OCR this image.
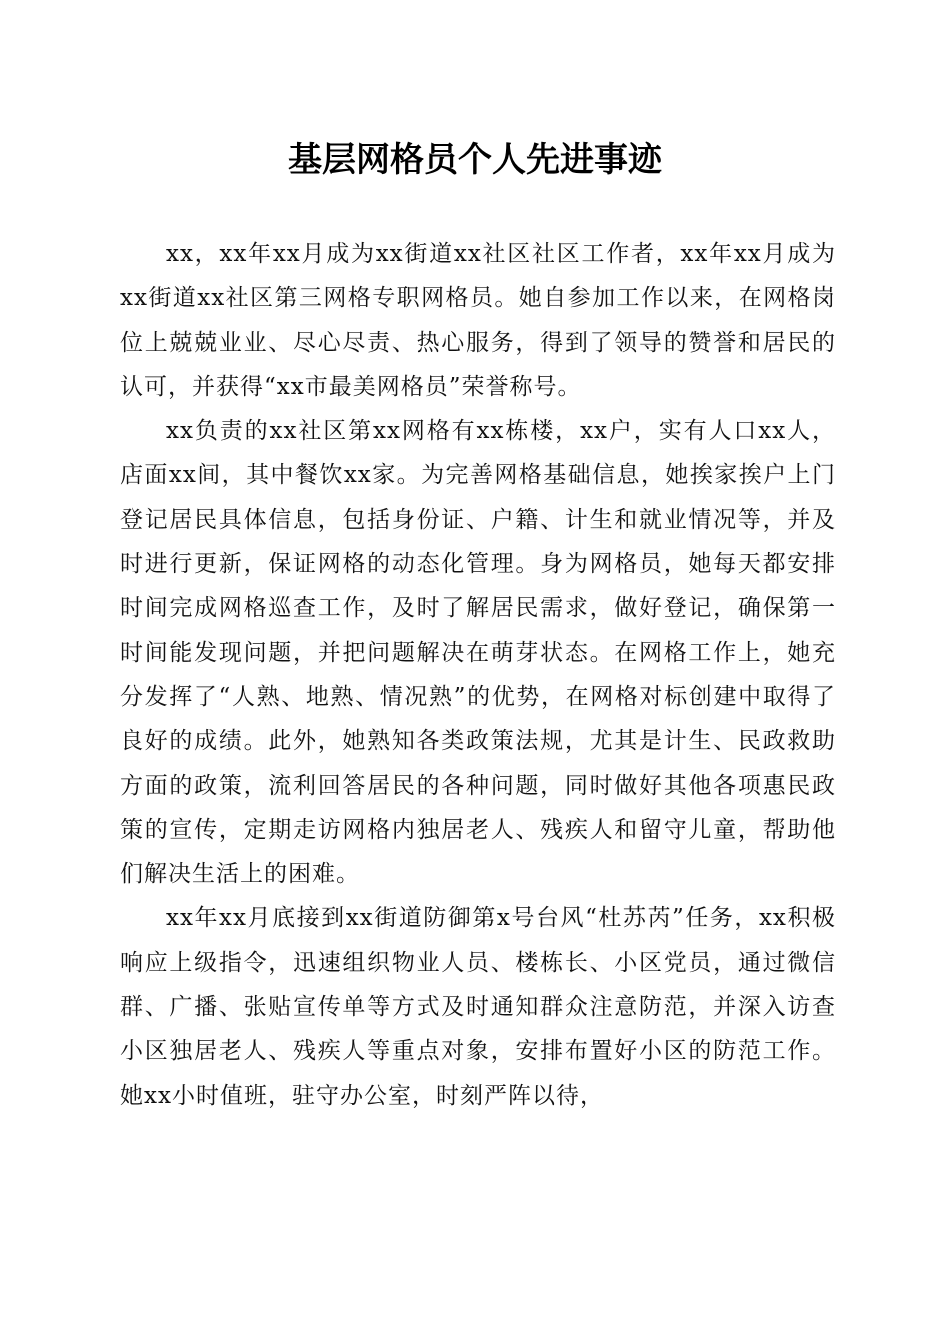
基层网格员个人先进事迹

xx，xx年xx月成为xx街道xx社区社区工作者，xx年xx月成为xx街道xx社区第三网格专职网格员。她自参加工作以来，在网格岗位上兢兢业业、尽心尽责、热心服务，得到了领导的赞誉和居民的认可，并获得“xx市最美网格员”荣誉称号。

xx负责的xx社区第xx网格有xx栋楼，xx户，实有人口xx人，店面xx间，其中餐饮xx家。为完善网格基础信息，她挨家挨户上门登记居民具体信息，包括身份证、户籍、计生和就业情况等，并及时进行更新，保证网格的动态化管理。身为网格员，她每天都安排时间完成网格巡查工作，及时了解居民需求，做好登记，确保第一时间能发现问题，并把问题解决在萌芽状态。在网格工作上，她充分发挥了“人熟、地熟、情况熟”的优势，在网格对标创建中取得了良好的成绩。此外，她熟知各类政策法规，尤其是计生、民政救助方面的政策，流利回答居民的各种问题，同时做好其他各项惠民政策的宣传，定期走访网格内独居老人、残疾人和留守儿童，帮助他们解决生活上的困难。

xx年xx月底接到xx街道防御第x号台风“杜苏芮”任务，xx积极响应上级指令，迅速组织物业人员、楼栋长、小区党员，通过微信群、广播、张贴宣传单等方式及时通知群众注意防范，并深入访查小区独居老人、残疾人等重点对象，安排布置好小区的防范工作。她xx小时值班，驻守办公室，时刻严阵以待，
